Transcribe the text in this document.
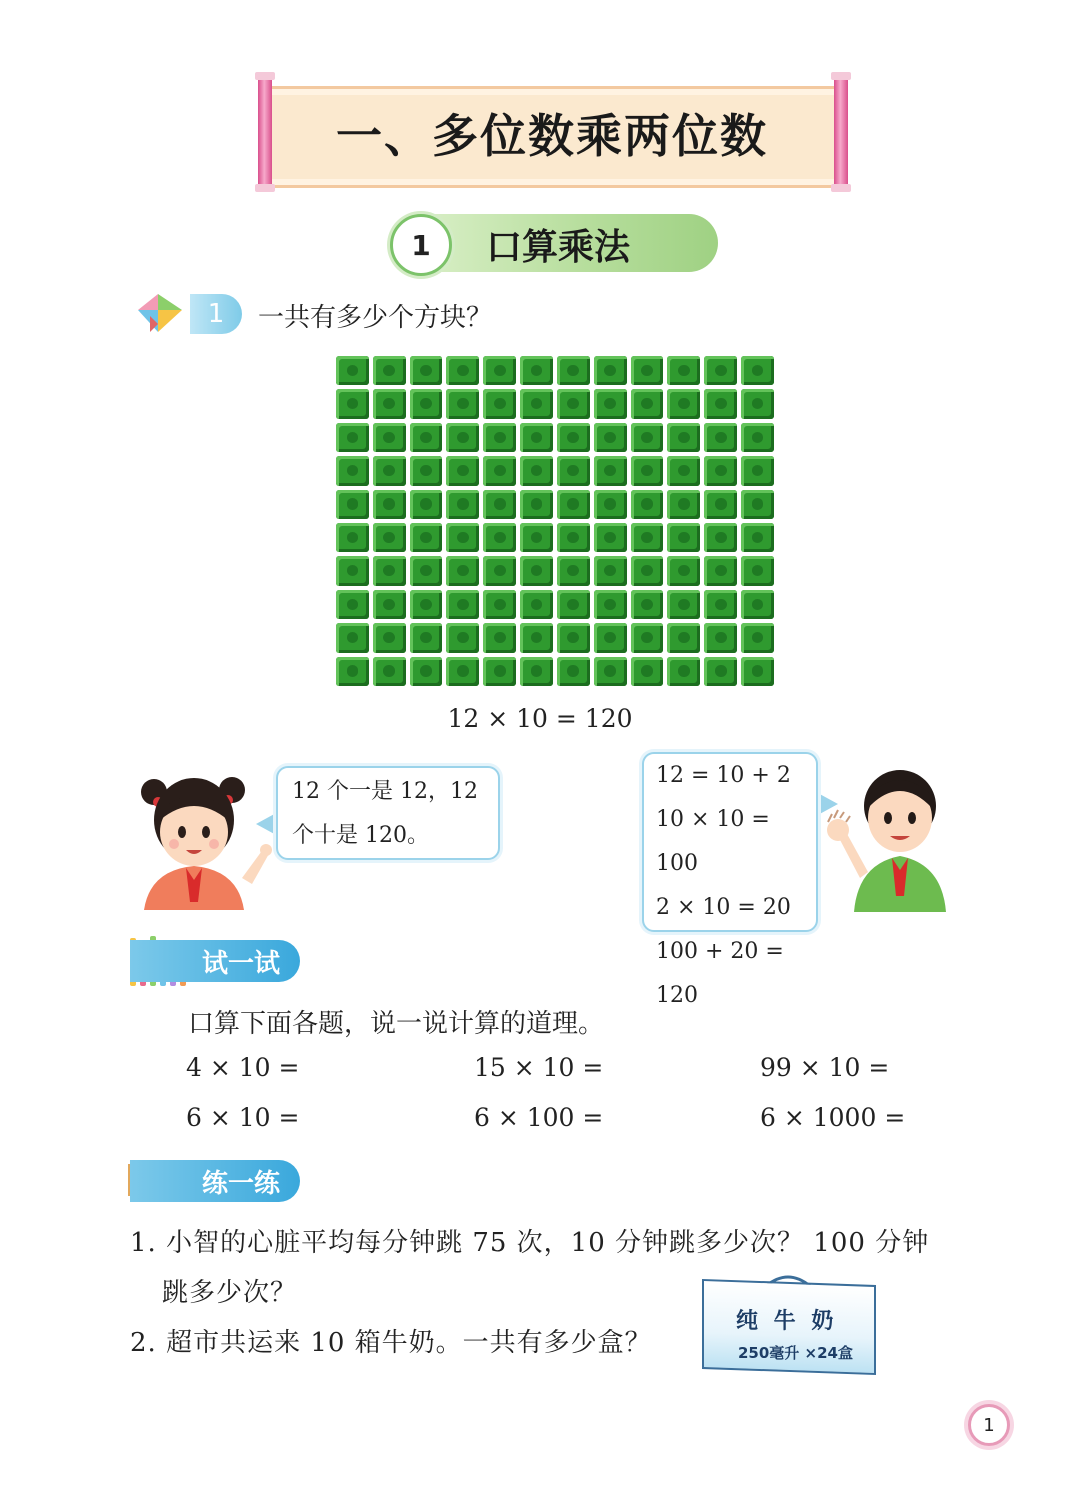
一、多位数乘两位数
1	口算乘法
1	一共有多少个方块？
12 × 10 = 120
12 个一是 12，12
个十是 120。
12 = 10 + 2
10 × 10 = 100
2 × 10 = 20
100 + 20 = 120
试一试
口算下面各题，说一说计算的道理。
4 × 10 =	15 × 10 =	99 × 10 =
6 × 10 =	6 × 100 =	6 × 1000 =
练一练
1. 小智的心脏平均每分钟跳 75 次，10 分钟跳多少次？ 100 分钟
跳多少次？
2. 超市共运来 10 箱牛奶。一共有多少盒？
纯 牛 奶
250毫升 ×24盒
1
